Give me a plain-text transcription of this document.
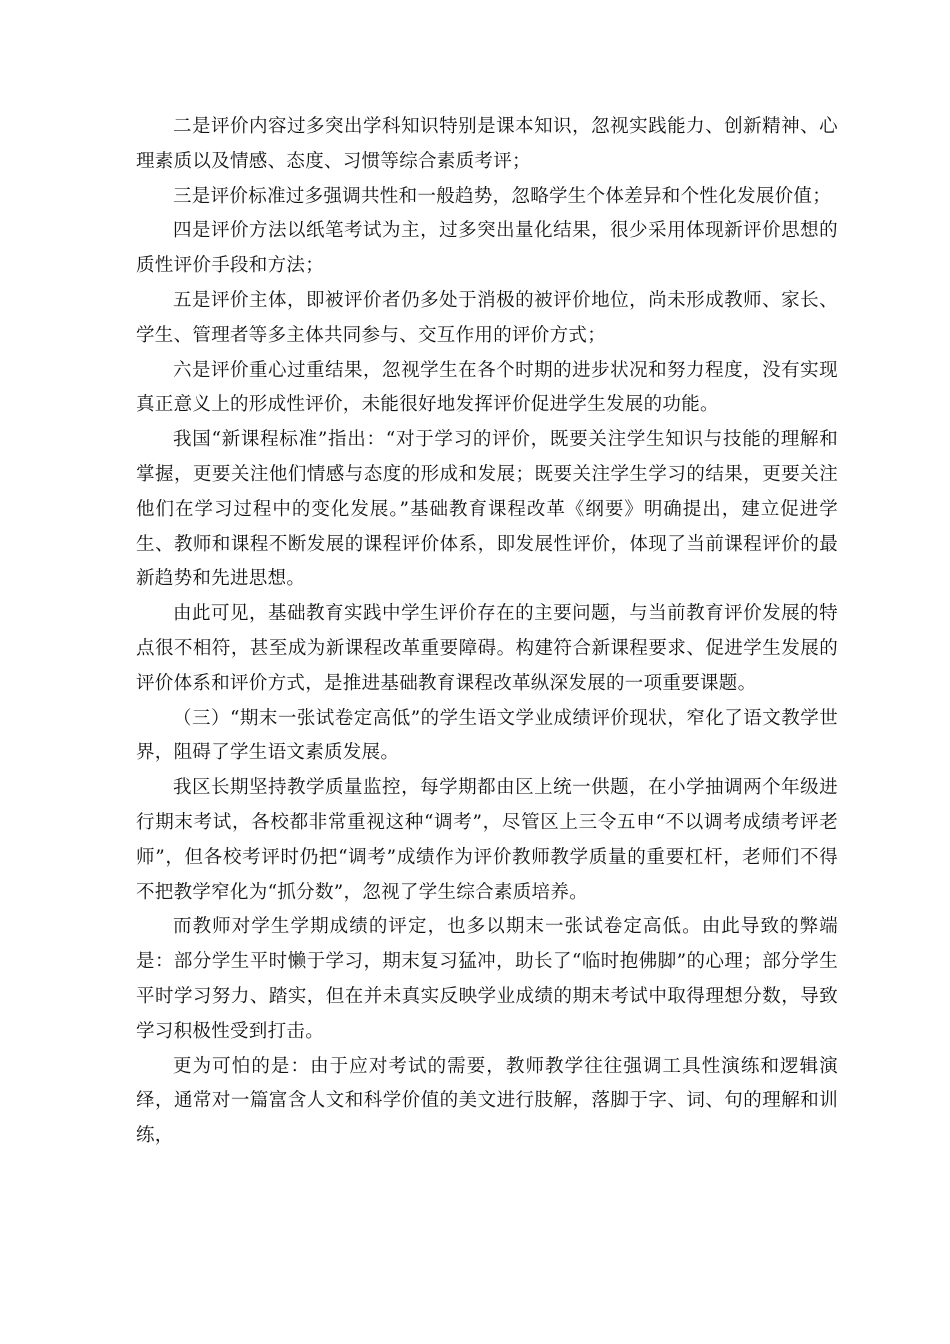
二是评价内容过多突出学科知识特别是课本知识，忽视实践能力、创新精神、心理素质以及情感、态度、习惯等综合素质考评；

三是评价标准过多强调共性和一般趋势，忽略学生个体差异和个性化发展价值；

四是评价方法以纸笔考试为主，过多突出量化结果，很少采用体现新评价思想的质性评价手段和方法；

五是评价主体，即被评价者仍多处于消极的被评价地位，尚未形成教师、家长、学生、管理者等多主体共同参与、交互作用的评价方式；

六是评价重心过重结果，忽视学生在各个时期的进步状况和努力程度，没有实现真正意义上的形成性评价，未能很好地发挥评价促进学生发展的功能。

我国“新课程标准”指出：“对于学习的评价，既要关注学生知识与技能的理解和掌握，更要关注他们情感与态度的形成和发展；既要关注学生学习的结果，更要关注他们在学习过程中的变化发展。”基础教育课程改革《纲要》明确提出，建立促进学生、教师和课程不断发展的课程评价体系，即发展性评价，体现了当前课程评价的最新趋势和先进思想。

由此可见，基础教育实践中学生评价存在的主要问题，与当前教育评价发展的特点很不相符，甚至成为新课程改革重要障碍。构建符合新课程要求、促进学生发展的评价体系和评价方式，是推进基础教育课程改革纵深发展的一项重要课题。

（三）“期末一张试卷定高低”的学生语文学业成绩评价现状，窄化了语文教学世界，阻碍了学生语文素质发展。

我区长期坚持教学质量监控，每学期都由区上统一供题，在小学抽调两个年级进行期末考试，各校都非常重视这种“调考”，尽管区上三令五申“不以调考成绩考评老师”，但各校考评时仍把“调考”成绩作为评价教师教学质量的重要杠杆，老师们不得不把教学窄化为“抓分数”，忽视了学生综合素质培养。

而教师对学生学期成绩的评定，也多以期末一张试卷定高低。由此导致的弊端是：部分学生平时懒于学习，期末复习猛冲，助长了“临时抱佛脚”的心理；部分学生平时学习努力、踏实，但在并未真实反映学业成绩的期末考试中取得理想分数，导致学习积极性受到打击。

更为可怕的是：由于应对考试的需要，教师教学往往强调工具性演练和逻辑演绎，通常对一篇富含人文和科学价值的美文进行肢解，落脚于字、词、句的理解和训练，
